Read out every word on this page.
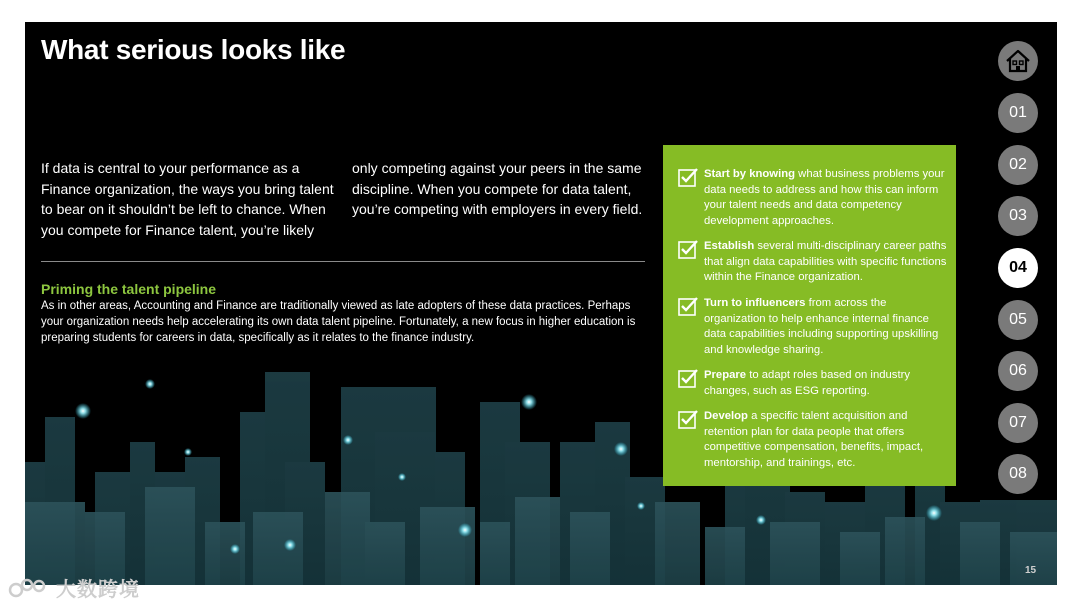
What serious looks like
If data is central to your performance as a Finance organization, the ways you bring talent to bear on it shouldn’t be left to chance. When you compete for Finance talent, you’re likely
only competing against your peers in the same discipline. When you compete for data talent, you’re competing with employers in every field.
Priming the talent pipeline
As in other areas, Accounting and Finance are traditionally viewed as late adopters of these data practices. Perhaps your organization needs help accelerating its own data talent pipeline. Fortunately, a new focus in higher education is preparing students for careers in data, specifically as it relates to the finance industry.
Start by knowing what business problems your data needs to address and how this can inform your talent needs and data competency development approaches.
Establish several multi-disciplinary career paths that align data capabilities with specific functions within the Finance organization.
Turn to influencers from across the organization to help enhance internal finance data capabilities including supporting upskilling and knowledge sharing.
Prepare to adapt roles based on industry changes, such as ESG reporting.
Develop a specific talent acquisition and retention plan for data people that offers competitive compensation, benefits, impact, mentorship, and trainings, etc.
01
02
03
04
05
06
07
08
15
大数跨境
